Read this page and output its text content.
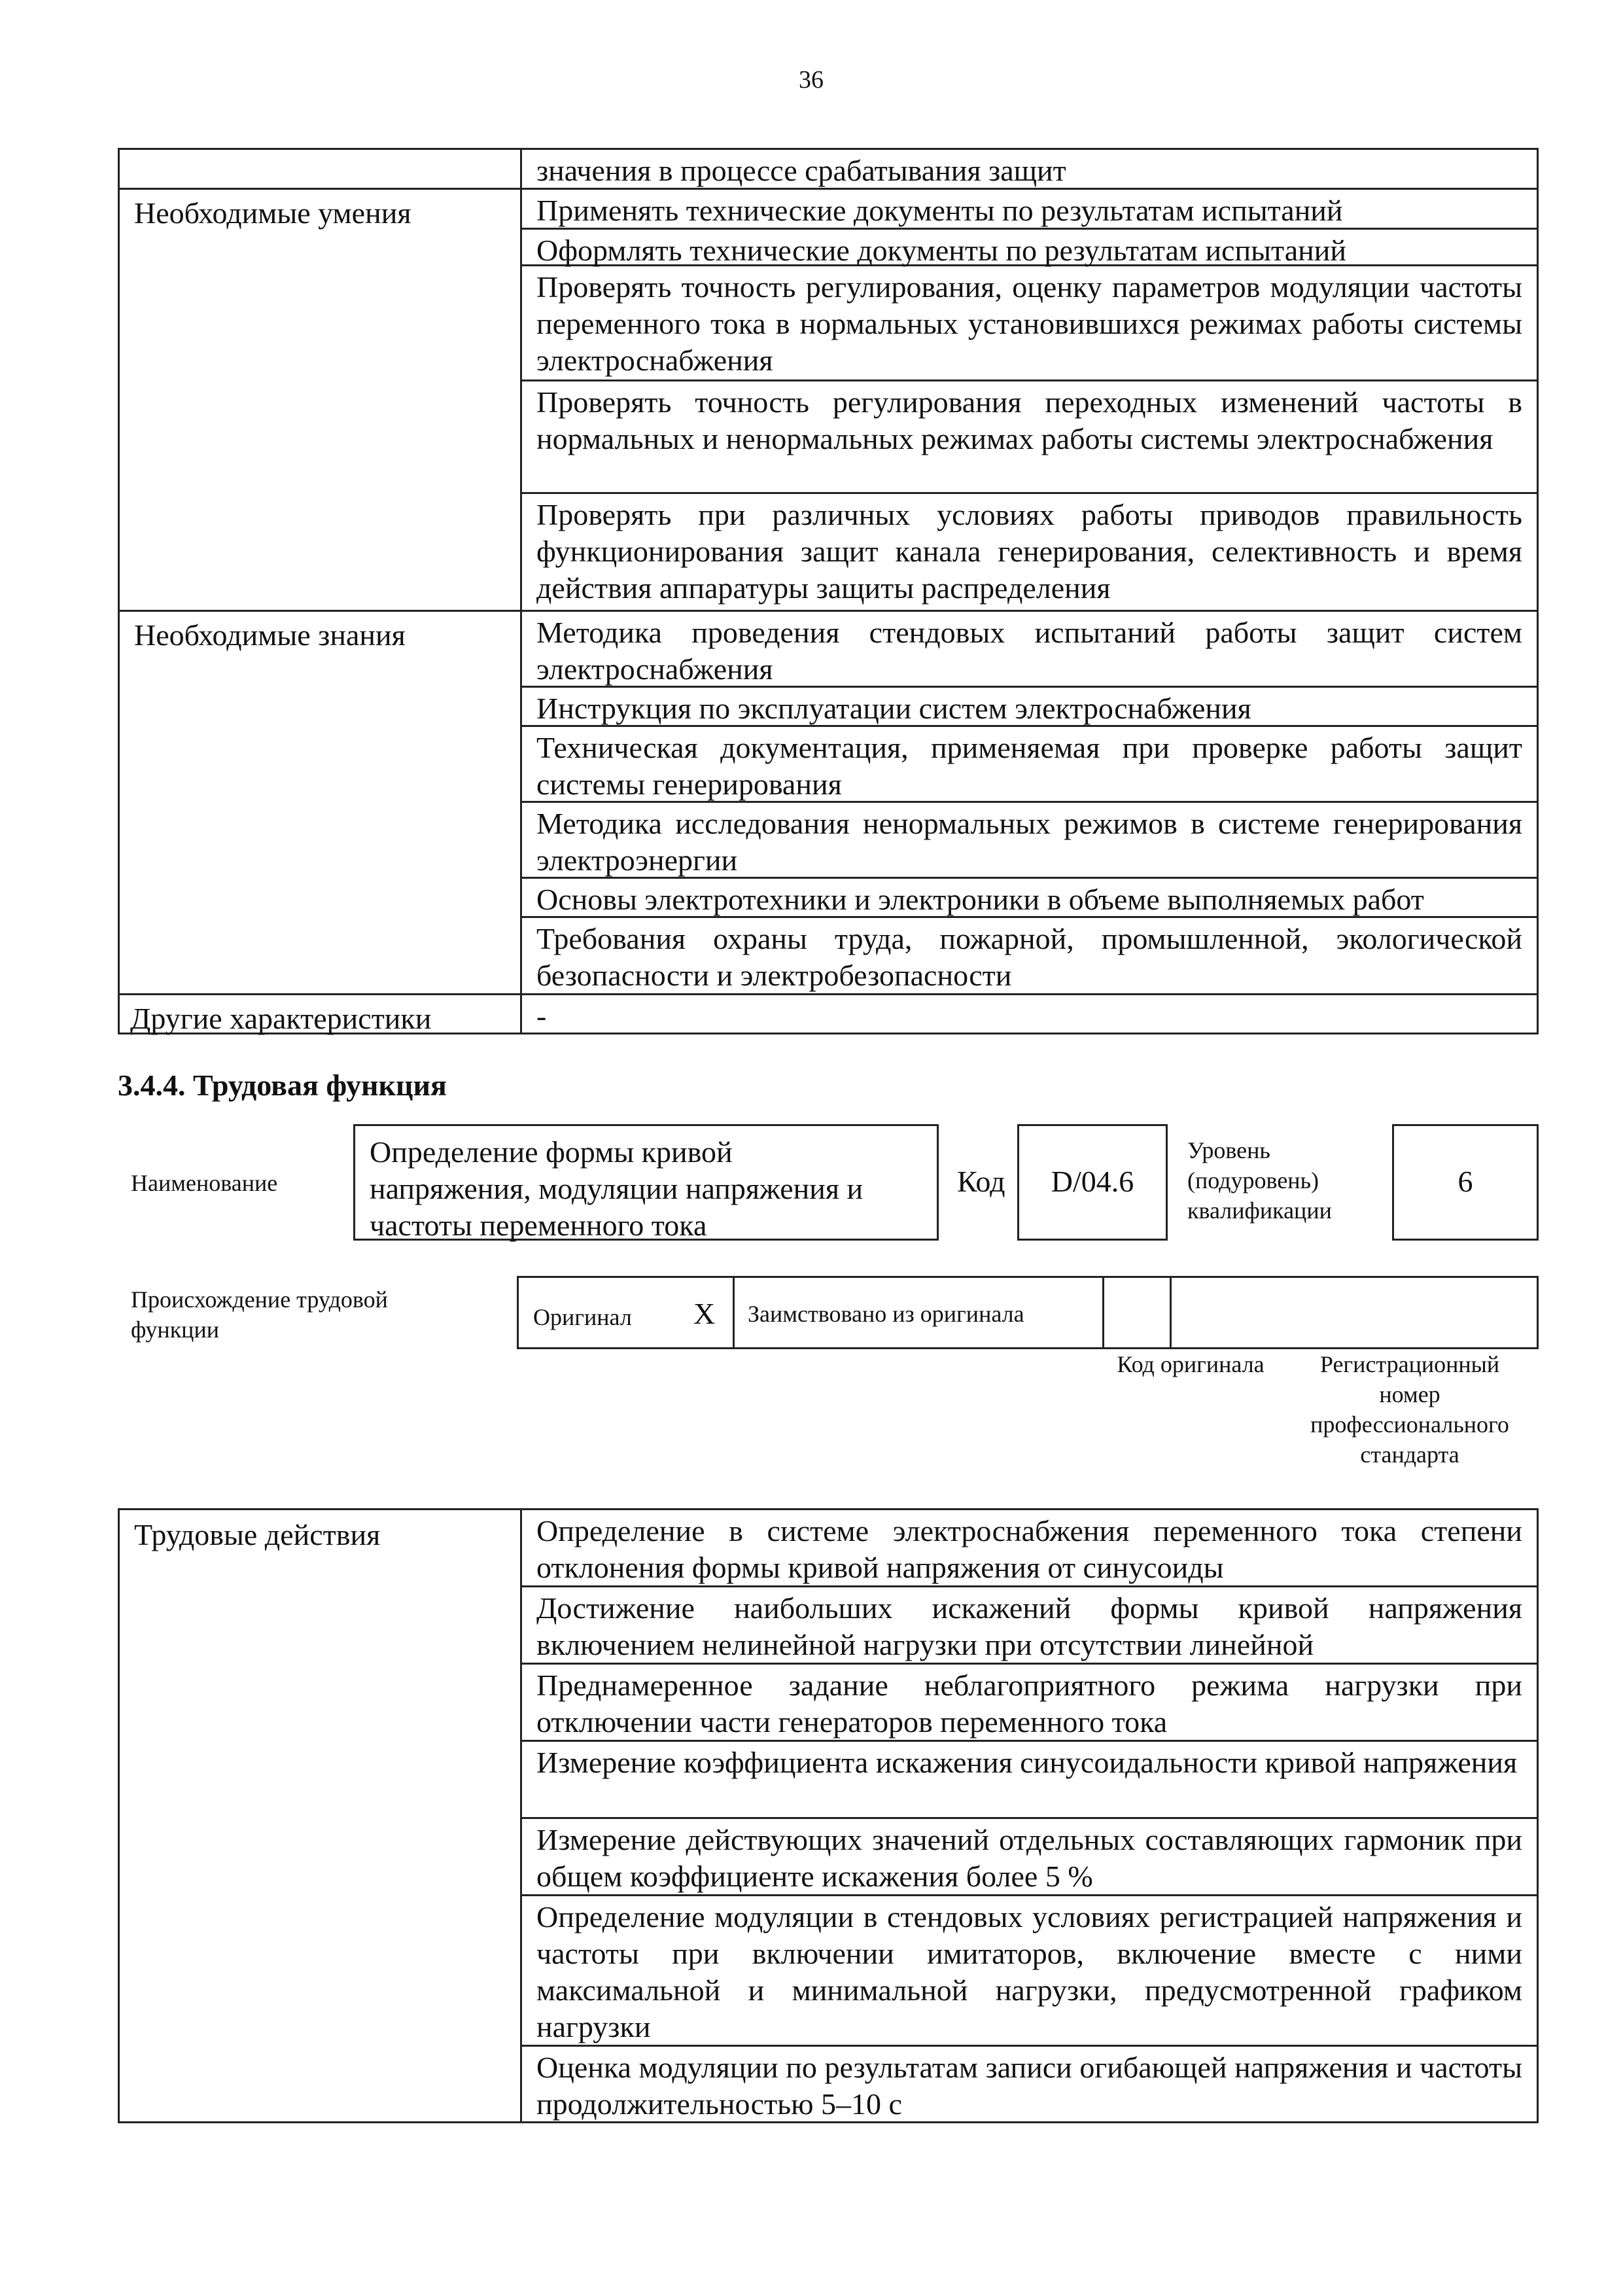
36
значения в процессе срабатывания защит
Необходимые умения	Применять технические документы по результатам испытаний
Оформлять технические документы по результатам испытаний
Проверять точность регулирования, оценку параметров модуляции частоты переменного тока в нормальных установившихся режимах работы системы электроснабжения
Проверять точность регулирования переходных изменений частоты в нормальных и ненормальных режимах работы системы электроснабжения
Проверять при различных условиях работы приводов правильность функционирования защит канала генерирования, селективность и время действия аппаратуры защиты распределения
Необходимые знания	Методика проведения стендовых испытаний работы защит систем электроснабжения
Инструкция по эксплуатации систем электроснабжения
Техническая документация, применяемая при проверке работы защит системы генерирования
Методика исследования ненормальных режимов в системе генерирования электроэнергии
Основы электротехники и электроники в объеме выполняемых работ
Требования охраны труда, пожарной, промышленной, экологической безопасности и электробезопасности
Другие характеристики	-
3.4.4. Трудовая функция
Наименование
Определение формы кривой напряжения, модуляции напряжения и частоты переменного тока
Код	D/04.6
Уровень (подуровень) квалификации
6
Происхождение трудовой функции	Оригинал X Заимствовано из оригинала
Код оригинала	Регистрационный номер профессионального стандарта
Трудовые действия	Определение в системе электроснабжения переменного тока степени отклонения формы кривой напряжения от синусоиды
Достижение наибольших искажений формы кривой напряжения включением нелинейной нагрузки при отсутствии линейной
Преднамеренное задание неблагоприятного режима нагрузки при отключении части генераторов переменного тока
Измерение коэффициента искажения синусоидальности кривой напряжения
Измерение действующих значений отдельных составляющих гармоник при общем коэффициенте искажения более 5 %
Определение модуляции в стендовых условиях регистрацией напряжения и частоты при включении имитаторов, включение вместе с ними максимальной и минимальной нагрузки, предусмотренной графиком нагрузки
Оценка модуляции по результатам записи огибающей напряжения и частоты продолжительностью 5–10 с
